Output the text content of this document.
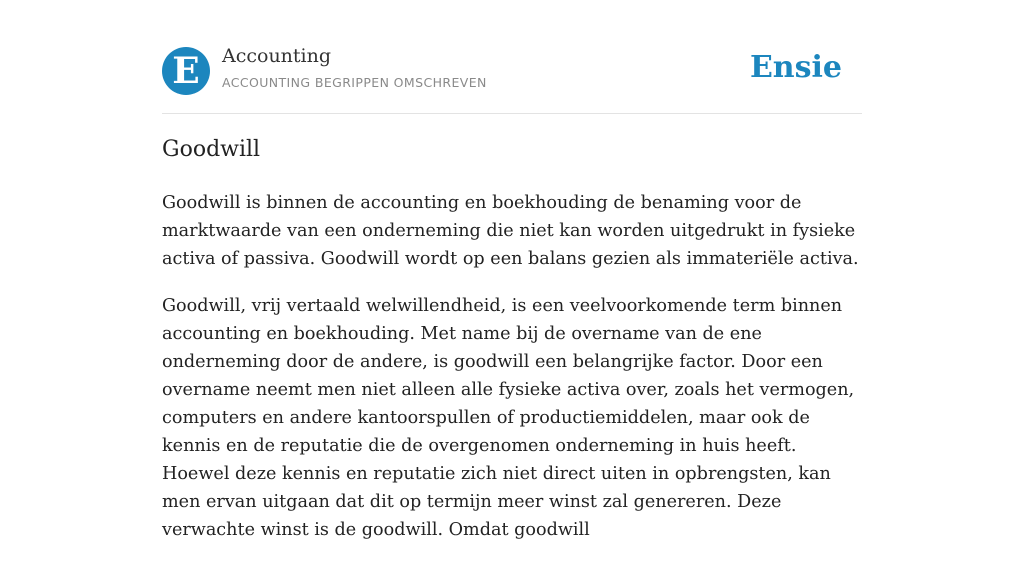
E	Accounting
ACCOUNTING BEGRIPPEN OMSCHREVEN	Ensie
Goodwill

Goodwill is binnen de accounting en boekhouding de benaming voor de marktwaarde van een onderneming die niet kan worden uitgedrukt in fysieke activa of passiva. Goodwill wordt op een balans gezien als immateriële activa.

Goodwill, vrij vertaald welwillendheid, is een veelvoorkomende term binnen accounting en boekhouding. Met name bij de overname van de ene onderneming door de andere, is goodwill een belangrijke factor. Door een overname neemt men niet alleen alle fysieke activa over, zoals het vermogen, computers en andere kantoorspullen of productiemiddelen, maar ook de kennis en de reputatie die de overgenomen onderneming in huis heeft. Hoewel deze kennis en reputatie zich niet direct uiten in opbrengsten, kan men ervan uitgaan dat dit op termijn meer winst zal genereren. Deze verwachte winst is de goodwill. Omdat goodwill
